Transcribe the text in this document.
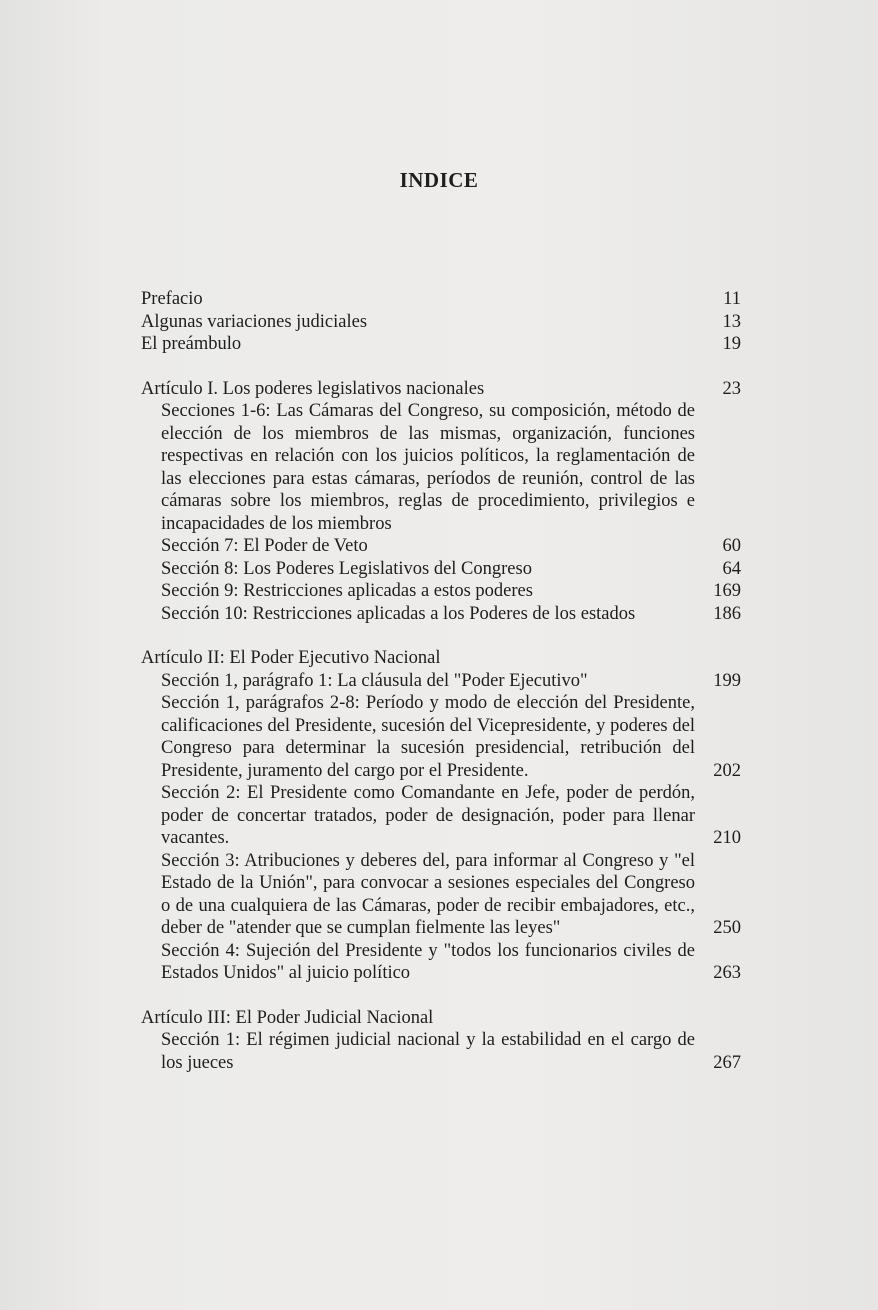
INDICE
Prefacio	11
Algunas variaciones judiciales	13
El preámbulo	19
Artículo I. Los poderes legislativos nacionales	23
Secciones 1-6: Las Cámaras del Congreso, su composición, método de elección de los miembros de las mismas, organización, funciones respectivas en relación con los juicios políticos, la reglamentación de las elecciones para estas cámaras, períodos de reunión, control de las cámaras sobre los miembros, reglas de procedimiento, privilegios e incapacidades de los miembros
Sección 7: El Poder de Veto	60
Sección 8: Los Poderes Legislativos del Congreso	64
Sección 9: Restricciones aplicadas a estos poderes	169
Sección 10: Restricciones aplicadas a los Poderes de los estados	186
Artículo II: El Poder Ejecutivo Nacional
Sección 1, parágrafo 1: La cláusula del "Poder Ejecutivo"	199
Sección 1, parágrafos 2-8: Período y modo de elección del Presidente, calificaciones del Presidente, sucesión del Vicepresidente, y poderes del Congreso para determinar la sucesión presidencial, retribución del Presidente, juramento del cargo por el Presidente.	202
Sección 2: El Presidente como Comandante en Jefe, poder de perdón, poder de concertar tratados, poder de designación, poder para llenar vacantes.	210
Sección 3: Atribuciones y deberes del, para informar al Congreso y "el Estado de la Unión", para convocar a sesiones especiales del Congreso o de una cualquiera de las Cámaras, poder de recibir embajadores, etc., deber de "atender que se cumplan fielmente las leyes"	250
Sección 4: Sujeción del Presidente y "todos los funcionarios civiles de Estados Unidos" al juicio político	263
Artículo III: El Poder Judicial Nacional
Sección 1: El régimen judicial nacional y la estabilidad en el cargo de los jueces	267
